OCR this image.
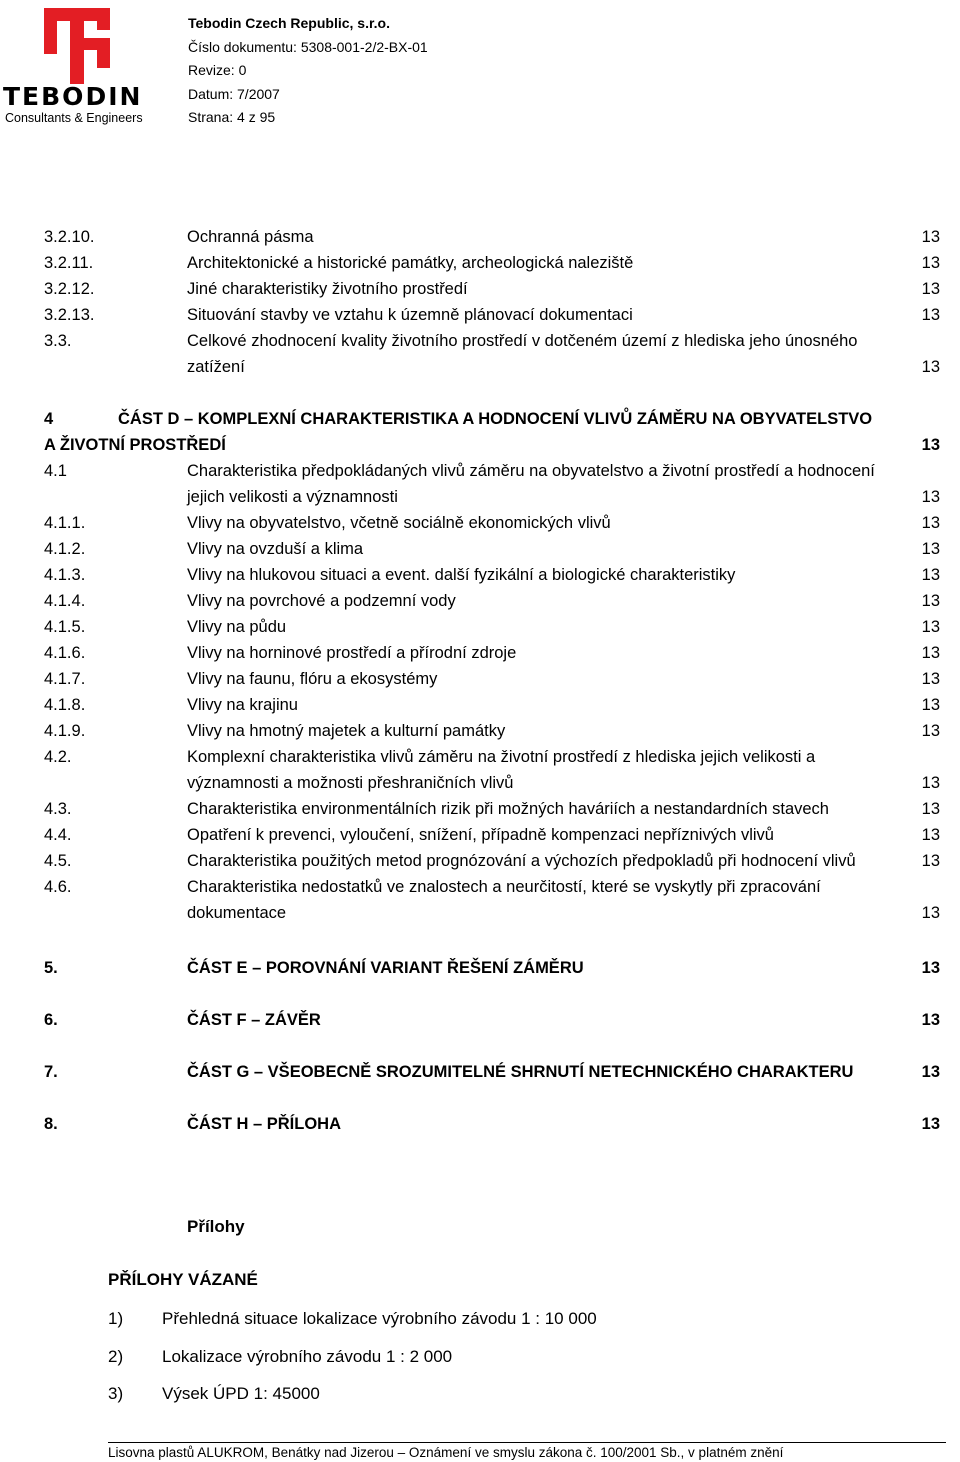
TEBODIN
Consultants & Engineers
Tebodin Czech Republic, s.r.o.
Číslo dokumentu: 5308-001-2/2-BX-01
Revize: 0
Datum: 7/2007
Strana: 4 z 95
3.2.10.	Ochranná pásma	13
3.2.11.	Architektonické a historické památky, archeologická naleziště	13
3.2.12.	Jiné charakteristiky životního prostředí	13
3.2.13.	Situování stavby ve vztahu k územně plánovací dokumentaci	13
3.3.	Celkové zhodnocení kvality životního prostředí v dotčeném území z hlediska jeho únosného
zatížení	13
4	ČÁST D – KOMPLEXNÍ CHARAKTERISTIKA A HODNOCENÍ VLIVŮ ZÁMĚRU NA OBYVATELSTVO
A ŽIVOTNÍ PROSTŘEDÍ	13
4.1	Charakteristika předpokládaných vlivů záměru na obyvatelstvo a životní prostředí a hodnocení
jejich velikosti a významnosti	13
4.1.1.	Vlivy na obyvatelstvo, včetně sociálně ekonomických vlivů	13
4.1.2.	Vlivy na ovzduší a klima	13
4.1.3.	Vlivy na hlukovou situaci a event. další fyzikální a biologické charakteristiky	13
4.1.4.	Vlivy na povrchové a podzemní vody	13
4.1.5.	Vlivy na půdu	13
4.1.6.	Vlivy na horninové prostředí a přírodní zdroje	13
4.1.7.	Vlivy na faunu, flóru a ekosystémy	13
4.1.8.	Vlivy na krajinu	13
4.1.9.	Vlivy na hmotný majetek a kulturní památky	13
4.2.	Komplexní charakteristika vlivů záměru na životní prostředí z hlediska jejich velikosti a
významnosti a možnosti přeshraničních vlivů	13
4.3.	Charakteristika environmentálních rizik při možných haváriích a nestandardních stavech	13
4.4.	Opatření k prevenci, vyloučení, snížení, případně kompenzaci nepříznivých vlivů	13
4.5.	Charakteristika použitých metod prognózování a výchozích předpokladů při hodnocení vlivů	13
4.6.	Charakteristika nedostatků ve znalostech a neurčitostí, které se vyskytly při zpracování
dokumentace	13
5.	ČÁST E – POROVNÁNÍ VARIANT ŘEŠENÍ ZÁMĚRU	13
6.	ČÁST F – ZÁVĚR	13
7.	ČÁST G – VŠEOBECNĚ SROZUMITELNÉ SHRNUTÍ NETECHNICKÉHO CHARAKTERU	13
8.	ČÁST H – PŘÍLOHA	13
Přílohy
PŘÍLOHY VÁZANÉ
1) Přehledná situace lokalizace výrobního závodu 1 : 10 000
2) Lokalizace výrobního závodu 1 : 2 000
3) Výsek ÚPD 1: 45000
Lisovna plastů ALUKROM, Benátky nad Jizerou – Oznámení ve smyslu zákona č. 100/2001 Sb., v platném znění
